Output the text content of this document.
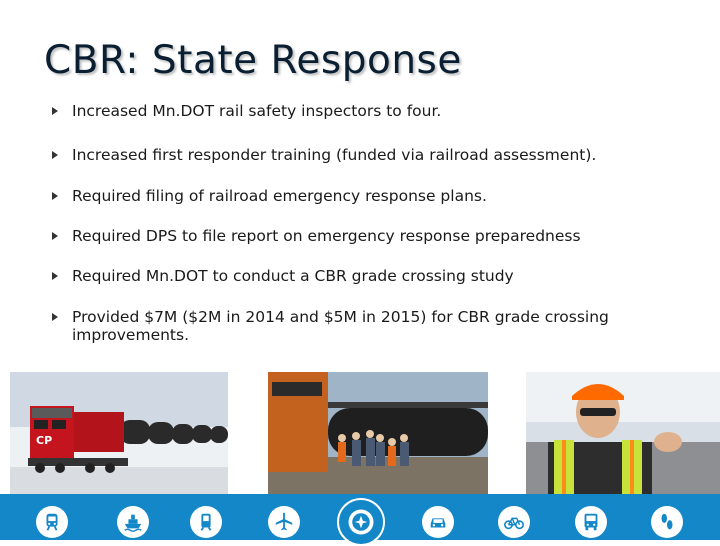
CBR: State Response
Increased Mn.DOT rail safety inspectors to four.
Increased first responder training (funded via railroad assessment).
Required filing of railroad emergency response plans.
Required DPS to file report on emergency response preparedness
Required Mn.DOT to conduct a CBR grade crossing study
Provided $7M ($2M in 2014 and $5M in 2015) for CBR grade crossing improvements.
CP
